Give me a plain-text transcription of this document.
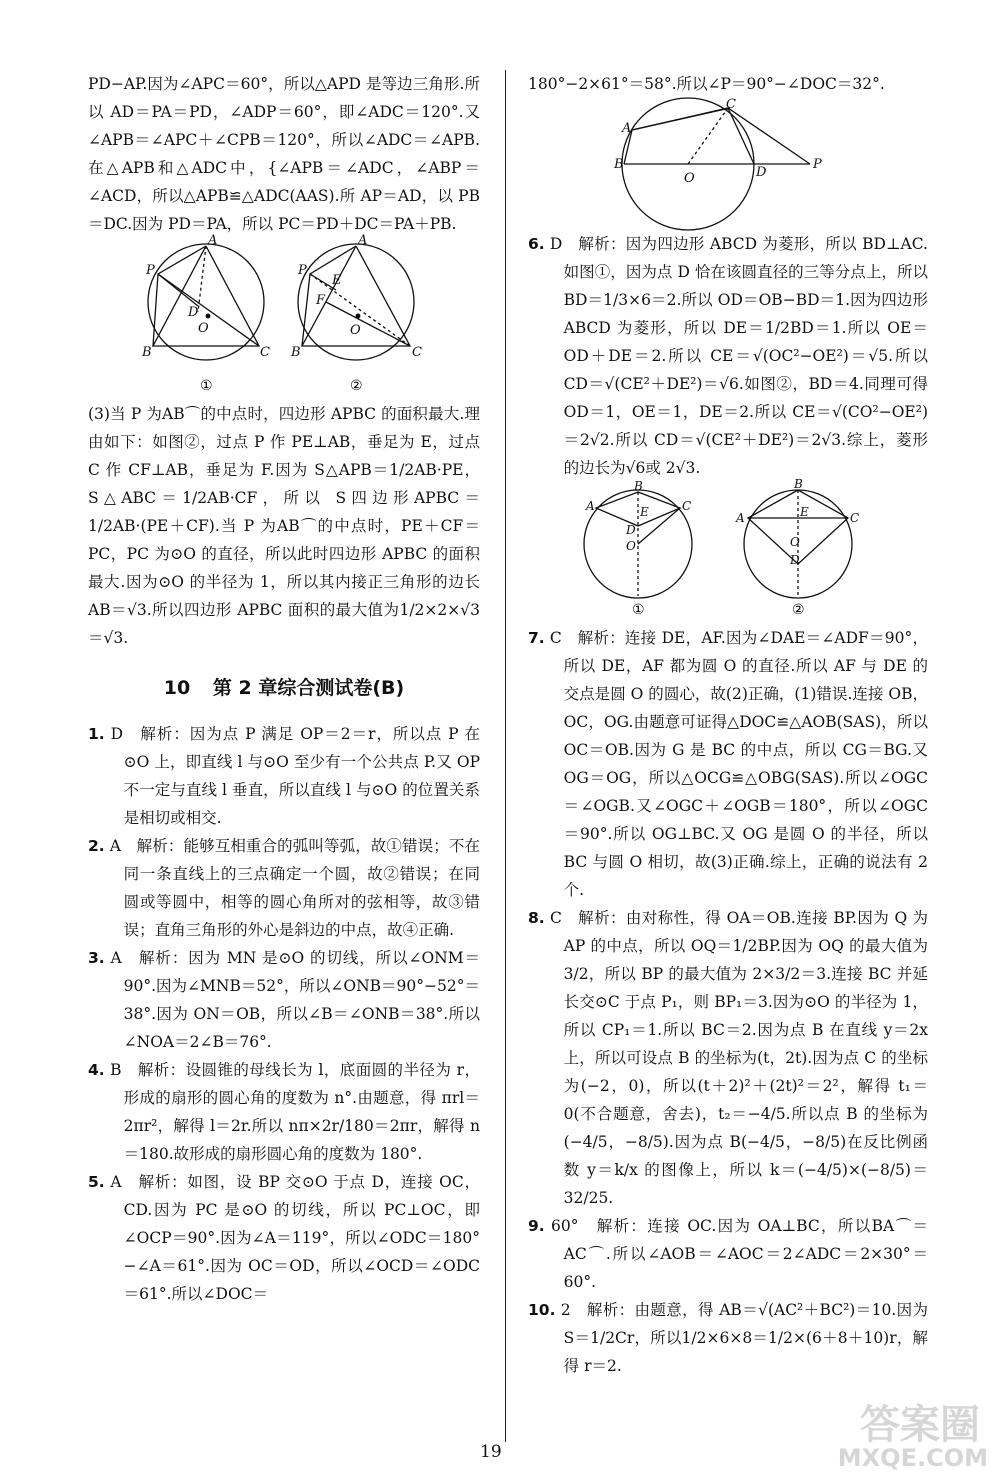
PD−AP.因为∠APC＝60°，所以△APD 是等边三角形.所以 AD＝PA＝PD，∠ADP＝60°，即∠ADC＝120°.又∠APB＝∠APC＋∠CPB＝120°，所以∠ADC＝∠APB.在△APB和△ADC中，{∠APB＝∠ADC，∠ABP＝∠ACD，所以△APB≌△ADC(AAS).所 AP＝AD，以 PB＝DC.因为 PD＝PA，所以 PC＝PD＋DC＝PA＋PB.

A
P
D
O
B	C
①
A
P
E
F
O
B	C
②

(3)当 P 为AB⌒的中点时，四边形 APBC 的面积最大.理由如下：如图②，过点 P 作 PE⊥AB，垂足为 E，过点 C 作 CF⊥AB，垂足为 F.因为 S△APB＝1/2AB·PE，S△ABC＝1/2AB·CF，所以 S四边形APBC＝1/2AB·(PE＋CF).当 P 为AB⌒的中点时，PE＋CF＝PC，PC 为⊙O 的直径，所以此时四边形 APBC 的面积最大.因为⊙O 的半径为 1，所以其内接正三角形的边长 AB＝√3.所以四边形 APBC 面积的最大值为1/2×2×√3＝√3.

10 第 2 章综合测试卷(B)

1. D　解析：因为点 P 满足 OP＝2＝r，所以点 P 在⊙O 上，即直线 l 与⊙O 至少有一个公共点 P.又 OP 不一定与直线 l 垂直，所以直线 l 与⊙O 的位置关系是相切或相交.

2. A　解析：能够互相重合的弧叫等弧，故①错误；不在同一条直线上的三点确定一个圆，故②错误；在同圆或等圆中，相等的圆心角所对的弦相等，故③错误；直角三角形的外心是斜边的中点，故④正确.

3. A　解析：因为 MN 是⊙O 的切线，所以∠ONM＝90°.因为∠MNB＝52°，所以∠ONB＝90°−52°＝38°.因为 ON＝OB，所以∠B＝∠ONB＝38°.所以∠NOA＝2∠B＝76°.

4. B　解析：设圆锥的母线长为 l，底面圆的半径为 r，形成的扇形的圆心角的度数为 n°.由题意，得 πrl＝2πr²，解得 l＝2r.所以 nπ×2r/180＝2πr，解得 n＝180.故形成的扇形圆心角的度数为 180°.

5. A　解析：如图，设 BP 交⊙O 于点 D，连接 OC，CD.因为 PC 是⊙O 的切线，所以 PC⊥OC，即∠OCP＝90°.因为∠A＝119°，所以∠ODC＝180°−∠A＝61°.因为 OC＝OD，所以∠OCD＝∠ODC＝61°.所以∠DOC＝

180°−2×61°＝58°.所以∠P＝90°−∠DOC＝32°.

A
C
B
O	D
P

6. D　解析：因为四边形 ABCD 为菱形，所以 BD⊥AC.如图①，因为点 D 恰在该圆直径的三等分点上，所以 BD＝1/3×6＝2.所以 OD＝OB−BD＝1.因为四边形 ABCD 为菱形，所以 DE＝1/2BD＝1.所以 OE＝OD＋DE＝2.所以 CE＝√(OC²−OE²)＝√5.所以 CD＝√(CE²＋DE²)＝√6.如图②，BD＝4.同理可得 OD＝1，OE＝1，DE＝2.所以 CE＝√(CO²−OE²)＝2√2.所以 CD＝√(CE²＋DE²)＝2√3.综上，菱形的边长为√6或 2√3.

B
A	C
E
D
O
B
A	C
E
O
D
①	②

7. C　解析：连接 DE，AF.因为∠DAE＝∠ADF＝90°，所以 DE，AF 都为圆 O 的直径.所以 AF 与 DE 的交点是圆 O 的圆心，故(2)正确，(1)错误.连接 OB，OC，OG.由题意可证得△DOC≌△AOB(SAS)，所以 OC＝OB.因为 G 是 BC 的中点，所以 CG＝BG.又 OG＝OG，所以△OCG≌△OBG(SAS).所以∠OGC＝∠OGB.又∠OGC＋∠OGB＝180°，所以∠OGC＝90°.所以 OG⊥BC.又 OG 是圆 O 的半径，所以 BC 与圆 O 相切，故(3)正确.综上，正确的说法有 2 个.

8. C　解析：由对称性，得 OA＝OB.连接 BP.因为 Q 为 AP 的中点，所以 OQ＝1/2BP.因为 OQ 的最大值为3/2，所以 BP 的最大值为 2×3/2＝3.连接 BC 并延长交⊙C 于点 P₁，则 BP₁＝3.因为⊙O 的半径为 1，所以 CP₁＝1.所以 BC＝2.因为点 B 在直线 y＝2x 上，所以可设点 B 的坐标为(t，2t).因为点 C 的坐标为(−2，0)，所以(t＋2)²＋(2t)²＝2²，解得 t₁＝0(不合题意，舍去)，t₂＝−4/5.所以点 B 的坐标为(−4/5，−8/5).因为点 B(−4/5，−8/5)在反比例函数 y＝k/x 的图像上，所以 k＝(−4/5)×(−8/5)＝32/25.

9. 60°　解析：连接 OC.因为 OA⊥BC，所以BA⌒＝AC⌒.所以∠AOB＝∠AOC＝2∠ADC＝2×30°＝60°.

10. 2　解析：由题意，得 AB＝√(AC²＋BC²)＝10.因为 S＝1/2Cr，所以1/2×6×8＝1/2×(6＋8＋10)r，解得 r＝2.

19
答案圈
MXQE.COM
